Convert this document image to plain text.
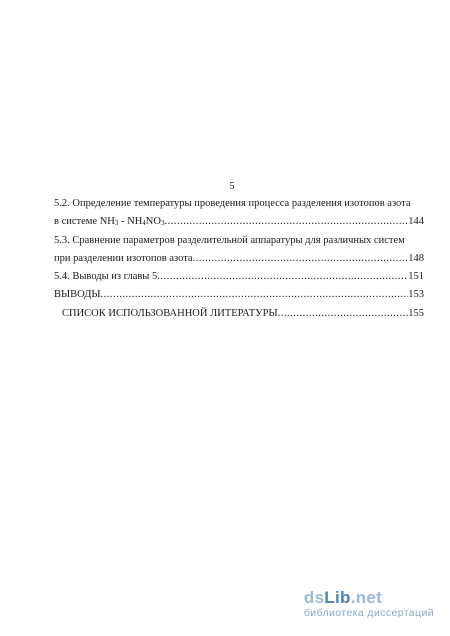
5
5.2. Определение температуры проведения процесса разделения изотопов азота
в системе $NH_3 - NH_4NO_3$ .....	144
5.3. Сравнение параметров разделительной аппаратуры для различных систем
при разделении изотопов азота .....	148
5.4. Выводы из главы 5 .....	151
ВЫВОДЫ .....	153
СПИСОК ИСПОЛЬЗОВАННОЙ ЛИТЕРАТУРЫ .....	155
dsLib.net
библиотека диссертаций
